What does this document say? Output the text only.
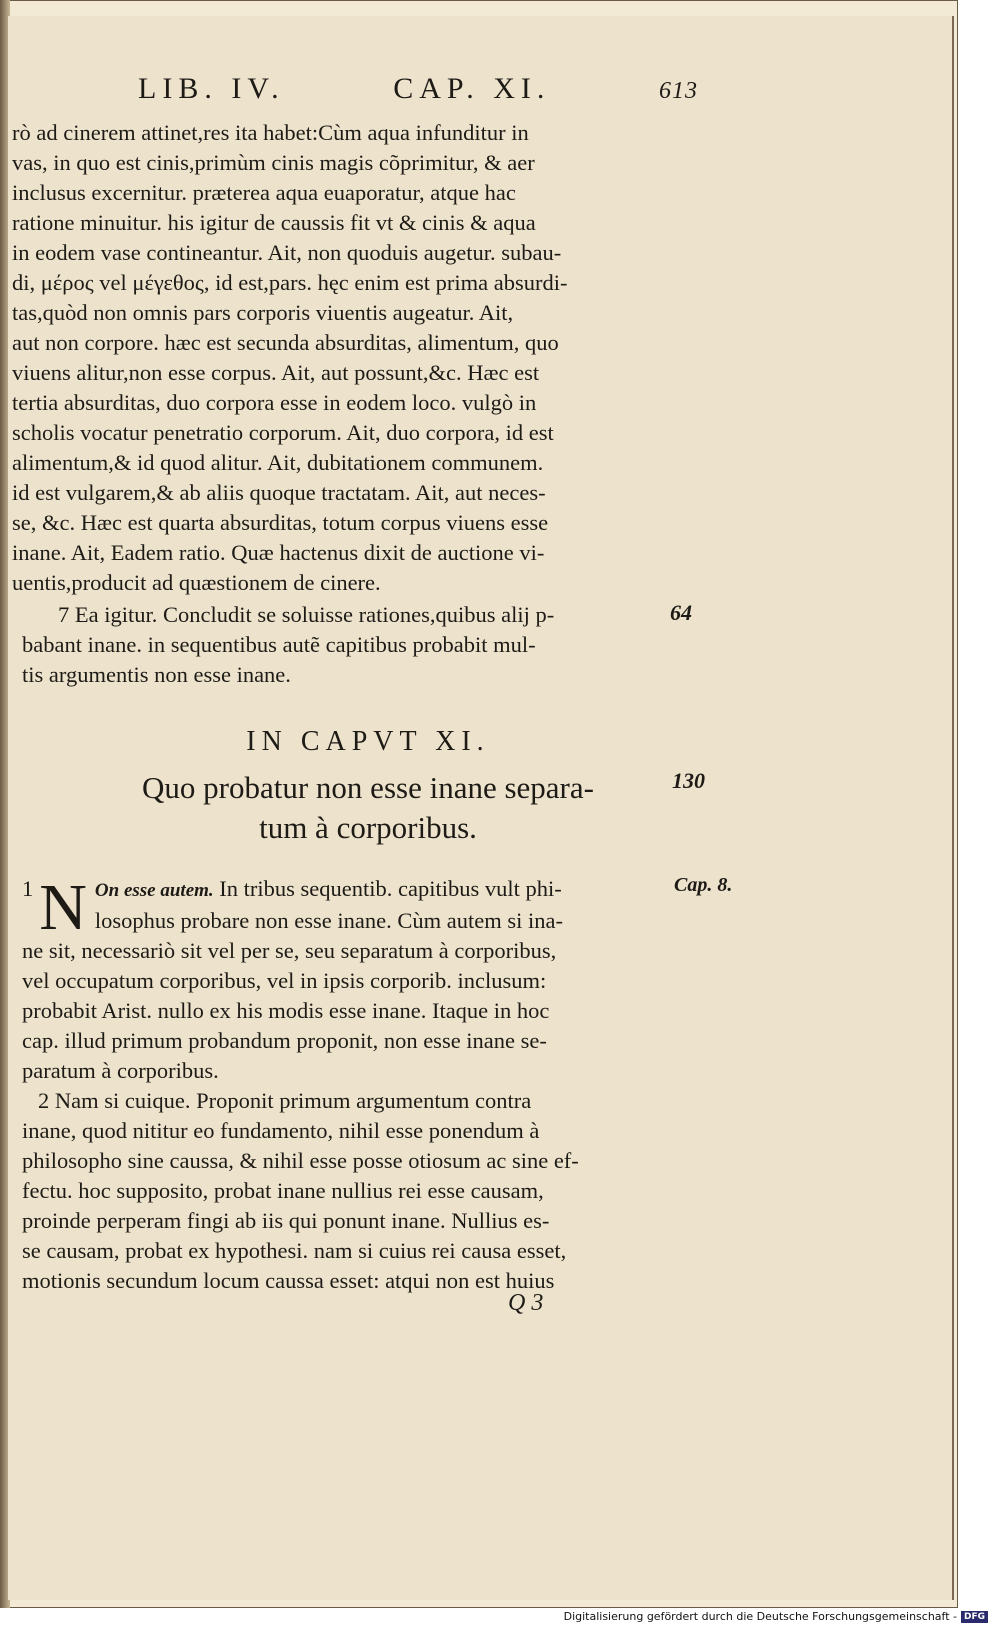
LIB. IV.	CAP. XI.	613
rò ad cinerem attinet,res ita habet:Cùm aqua infunditur in
vas, in quo est cinis,primùm cinis magis cõprimitur, & aer
inclusus excernitur. præterea aqua euaporatur, atque hac
ratione minuitur. his igitur de caussis fit vt & cinis & aqua
in eodem vase contineantur. Ait, non quoduis augetur. subau-
di, μέρος vel μέγεθος, id est,pars. hęc enim est prima absurdi-
tas,quòd non omnis pars corporis viuentis augeatur. Ait,
aut non corpore. hæc est secunda absurditas, alimentum, quo
viuens alitur,non esse corpus. Ait, aut possunt,&c. Hæc est
tertia absurditas, duo corpora esse in eodem loco. vulgò in
scholis vocatur penetratio corporum. Ait, duo corpora, id est
alimentum,& id quod alitur. Ait, dubitationem communem.
id est vulgarem,& ab aliis quoque tractatam. Ait, aut neces-
se, &c. Hæc est quarta absurditas, totum corpus viuens esse
inane. Ait, Eadem ratio. Quæ hactenus dixit de auctione vi-
uentis,producit ad quæstionem de cinere.
7 Ea igitur. Concludit se soluisse rationes,quibus alij p-
babant inane. in sequentibus autẽ capitibus probabit mul-
tis argumentis non esse inane.
64
IN CAPVT XI.
Quo probatur non esse inane separa-
tum à corporibus.
130
1 N On esse autem. In tribus sequentib. capitibus vult phi-
losophus probare non esse inane. Cùm autem si ina-
ne sit, necessariò sit vel per se, seu separatum à corporibus,
vel occupatum corporibus, vel in ipsis corporib. inclusum:
probabit Arist. nullo ex his modis esse inane. Itaque in hoc
cap. illud primum probandum proponit, non esse inane se-
paratum à corporibus.
2 Nam si cuique. Proponit primum argumentum contra
inane, quod nititur eo fundamento, nihil esse ponendum à
philosopho sine caussa, & nihil esse posse otiosum ac sine ef-
fectu. hoc supposito, probat inane nullius rei esse causam,
proinde perperam fingi ab iis qui ponunt inane. Nullius es-
se causam, probat ex hypothesi. nam si cuius rei causa esset,
motionis secundum locum caussa esset: atqui non est huius
Cap. 8.
Q 3
Digitalisierung gefördert durch die Deutsche Forschungsgemeinschaft - DFG
